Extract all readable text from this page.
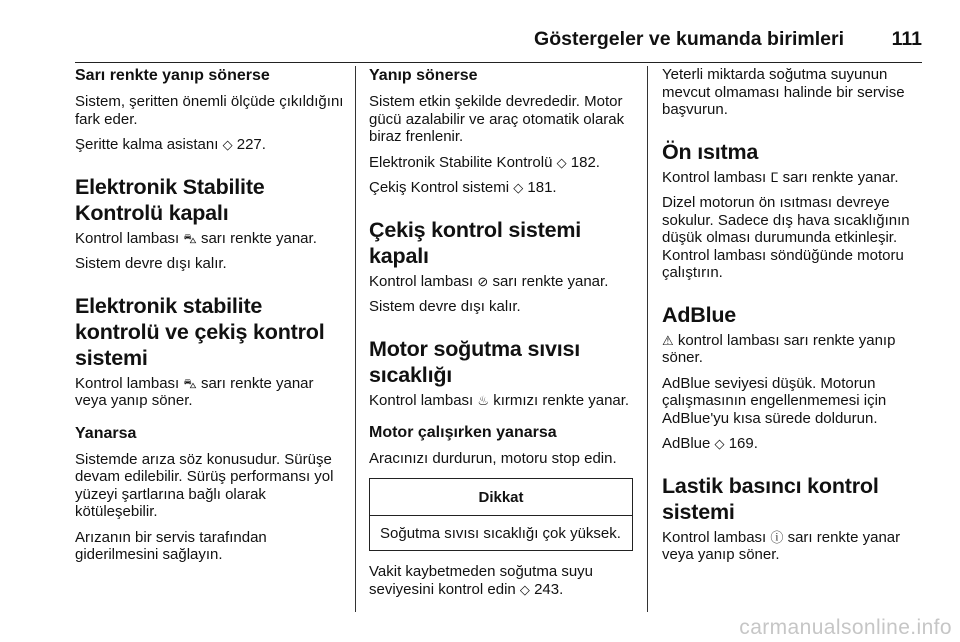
Göstergeler ve kumanda birimleri 111
Sarı renkte yanıp sönerse

Sistem, şeritten önemli ölçüde çıkıldığını fark eder.

Şeritte kalma asistanı ◇ 227.

Elektronik Stabilite Kontrolü kapalı

Kontrol lambası ⛍ sarı renkte yanar.

Sistem devre dışı kalır.

Elektronik stabilite kontrolü ve çekiş kontrol sistemi

Kontrol lambası ⛍ sarı renkte yanar veya yanıp söner.

Yanarsa

Sistemde arıza söz konusudur. Sürüşe devam edilebilir. Sürüş performansı yol yüzeyi şartlarına bağlı olarak kötüleşebilir.

Arızanın bir servis tarafından giderilmesini sağlayın.

Yanıp sönerse

Sistem etkin şekilde devrededir. Motor gücü azalabilir ve araç otomatik olarak biraz frenlenir.

Elektronik Stabilite Kontrolü ◇ 182.

Çekiş Kontrol sistemi ◇ 181.

Çekiş kontrol sistemi kapalı

Kontrol lambası ⊘ sarı renkte yanar.

Sistem devre dışı kalır.

Motor soğutma sıvısı sıcaklığı

Kontrol lambası ♨ kırmızı renkte yanar.

Motor çalışırken yanarsa

Aracınızı durdurun, motoru stop edin.

Dikkat
Soğutma sıvısı sıcaklığı çok yüksek.

Vakit kaybetmeden soğutma suyu seviyesini kontrol edin ◇ 243.

Yeterli miktarda soğutma suyunun mevcut olmaması halinde bir servise başvurun.

Ön ısıtma

Kontrol lambası ⵎ sarı renkte yanar.

Dizel motorun ön ısıtması devreye sokulur. Sadece dış hava sıcaklığının düşük olması durumunda etkinleşir. Kontrol lambası söndüğünde motoru çalıştırın.

AdBlue

⚠ kontrol lambası sarı renkte yanıp söner.

AdBlue seviyesi düşük. Motorun çalışmasının engellenmemesi için AdBlue'yu kısa sürede doldurun.

AdBlue ◇ 169.

Lastik basıncı kontrol sistemi

Kontrol lambası ⓘ sarı renkte yanar veya yanıp söner.

carmanualsonline.info
